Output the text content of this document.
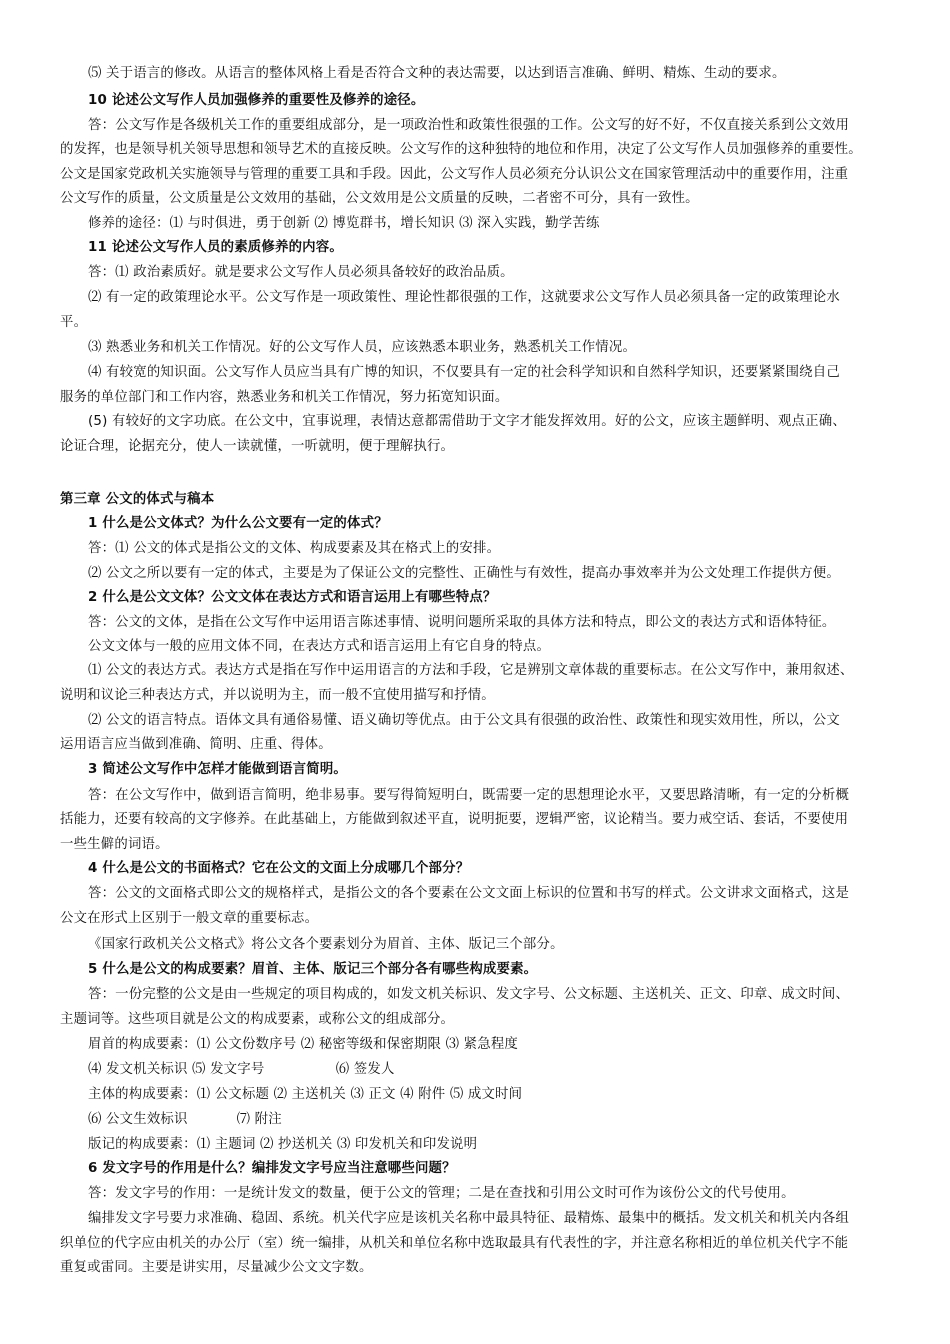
⑸ 关于语言的修改。从语言的整体风格上看是否符合文种的表达需要，以达到语言准确、鲜明、精炼、生动的要求。
10 论述公文写作人员加强修养的重要性及修养的途径。
答：公文写作是各级机关工作的重要组成部分，是一项政治性和政策性很强的工作。公文写的好不好，不仅直接关系到公文效用
的发挥，也是领导机关领导思想和领导艺术的直接反映。公文写作的这种独特的地位和作用，决定了公文写作人员加强修养的重要性。
公文是国家党政机关实施领导与管理的重要工具和手段。因此，公文写作人员必须充分认识公文在国家管理活动中的重要作用，注重
公文写作的质量，公文质量是公文效用的基础，公文效用是公文质量的反映，二者密不可分，具有一致性。
修养的途径：⑴ 与时俱进，勇于创新 ⑵ 博览群书，增长知识 ⑶ 深入实践，勤学苦练
11 论述公文写作人员的素质修养的内容。
答：⑴ 政治素质好。就是要求公文写作人员必须具备较好的政治品质。
⑵ 有一定的政策理论水平。公文写作是一项政策性、理论性都很强的工作，这就要求公文写作人员必须具备一定的政策理论水
平。
⑶ 熟悉业务和机关工作情况。好的公文写作人员，应该熟悉本职业务，熟悉机关工作情况。
⑷ 有较宽的知识面。公文写作人员应当具有广博的知识，不仅要具有一定的社会科学知识和自然科学知识，还要紧紧围绕自己
服务的单位部门和工作内容，熟悉业务和机关工作情况，努力拓宽知识面。
(5) 有较好的文字功底。在公文中，宜事说理，表情达意都需借助于文字才能发挥效用。好的公文，应该主题鲜明、观点正确、
论证合理，论据充分，使人一读就懂，一听就明，便于理解执行。
第三章 公文的体式与稿本
1 什么是公文体式？为什么公文要有一定的体式？
答：⑴ 公文的体式是指公文的文体、构成要素及其在格式上的安排。
⑵ 公文之所以要有一定的体式，主要是为了保证公文的完整性、正确性与有效性，提高办事效率并为公文处理工作提供方便。
2 什么是公文文体？公文文体在表达方式和语言运用上有哪些特点？
答：公文的文体，是指在公文写作中运用语言陈述事情、说明问题所采取的具体方法和特点，即公文的表达方式和语体特征。
公文文体与一般的应用文体不同，在表达方式和语言运用上有它自身的特点。
⑴ 公文的表达方式。表达方式是指在写作中运用语言的方法和手段，它是辨别文章体裁的重要标志。在公文写作中，兼用叙述、
说明和议论三种表达方式，并以说明为主，而一般不宜使用描写和抒情。
⑵ 公文的语言特点。语体文具有通俗易懂、语义确切等优点。由于公文具有很强的政治性、政策性和现实效用性，所以，公文
运用语言应当做到准确、简明、庄重、得体。
3 简述公文写作中怎样才能做到语言简明。
答：在公文写作中，做到语言简明，绝非易事。要写得简短明白，既需要一定的思想理论水平，又要思路清晰，有一定的分析概
括能力，还要有较高的文字修养。在此基础上，方能做到叙述平直，说明扼要，逻辑严密，议论精当。要力戒空话、套话，不要使用
一些生僻的词语。
4 什么是公文的书面格式？它在公文的文面上分成哪几个部分？
答：公文的文面格式即公文的规格样式，是指公文的各个要素在公文文面上标识的位置和书写的样式。公文讲求文面格式，这是
公文在形式上区别于一般文章的重要标志。
《国家行政机关公文格式》将公文各个要素划分为眉首、主体、版记三个部分。
5 什么是公文的构成要素？眉首、主体、版记三个部分各有哪些构成要素。
答：一份完整的公文是由一些规定的项目构成的，如发文机关标识、发文字号、公文标题、主送机关、正文、印章、成文时间、
主题词等。这些项目就是公文的构成要素，或称公文的组成部分。
眉首的构成要素：⑴ 公文份数序号 ⑵ 秘密等级和保密期限 ⑶ 紧急程度
⑷ 发文机关标识 ⑸ 发文字号                ⑹ 签发人
主体的构成要素：⑴ 公文标题 ⑵ 主送机关 ⑶ 正文 ⑷ 附件 ⑸ 成文时间
⑹ 公文生效标识           ⑺ 附注
版记的构成要素：⑴ 主题词 ⑵ 抄送机关 ⑶ 印发机关和印发说明
6 发文字号的作用是什么？编排发文字号应当注意哪些问题？
答：发文字号的作用：一是统计发文的数量，便于公文的管理；二是在查找和引用公文时可作为该份公文的代号使用。
编排发文字号要力求准确、稳固、系统。机关代字应是该机关名称中最具特征、最精炼、最集中的概括。发文机关和机关内各组
织单位的代字应由机关的办公厅（室）统一编排，从机关和单位名称中选取最具有代表性的字，并注意名称相近的单位机关代字不能
重复或雷同。主要是讲实用，尽量减少公文文字数。
